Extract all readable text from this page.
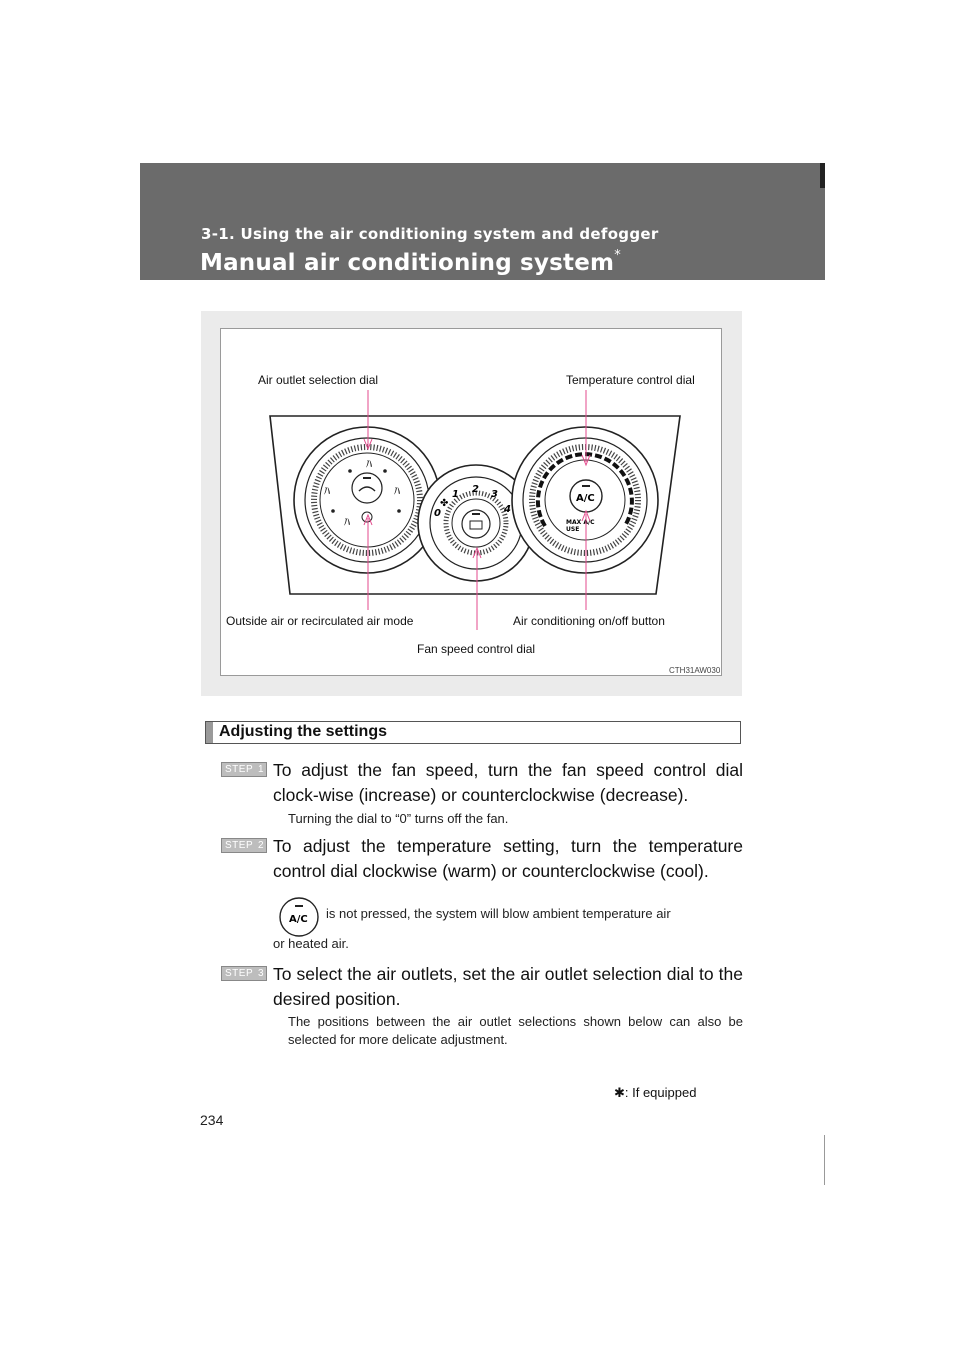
3-1. Using the air conditioning system and defogger
Manual air conditioning system*
ﾊ	ﾊ
ﾊ
ﾊ
0
1 2 3
4
✤	A/C
MAX A/C
USE
Air outlet selection dial	Temperature control dial
Outside air or recirculated air mode	Air conditioning on/off button
Fan speed control dial
CTH31AW030
Adjusting the settings
STEP 1 To adjust the fan speed, turn the fan speed control dial clock-wise (increase) or counterclockwise (decrease).
Turning the dial to “0” turns off the fan.
STEP 2 To adjust the temperature setting, turn the temperature control dial clockwise (warm) or counterclockwise (cool).
A/C is not pressed, the system will blow ambient temperature air
or heated air.
STEP 3 To select the air outlets, set the air outlet selection dial to the desired position.
The positions between the air outlet selections shown below can also be selected for more delicate adjustment.
✱: If equipped
234
